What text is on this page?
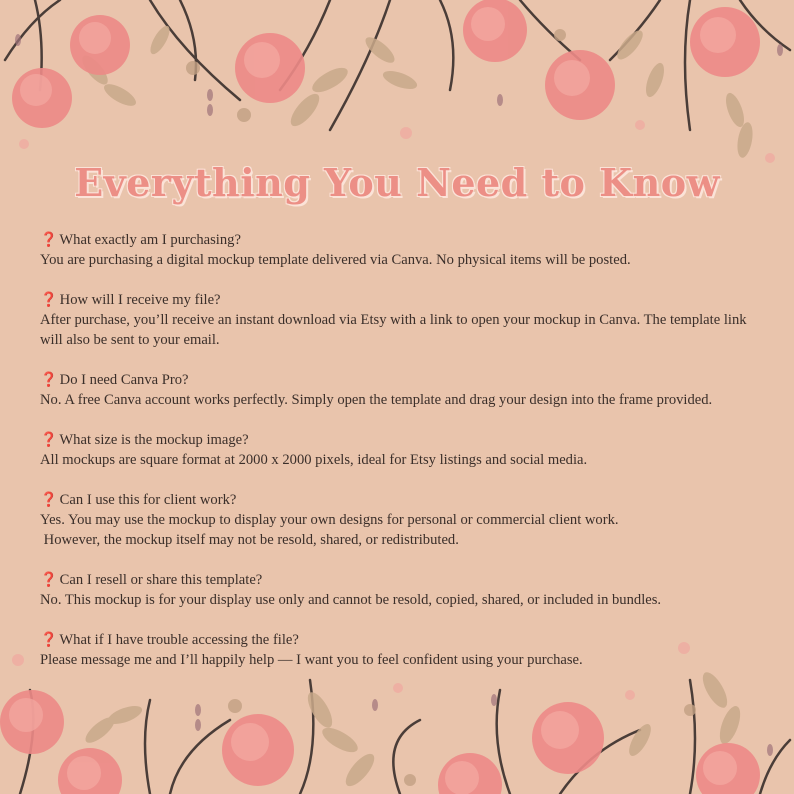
Everything You Need to Know
❓ What exactly am I purchasing?
You are purchasing a digital mockup template delivered via Canva. No physical items will be posted.
❓ How will I receive my file?
After purchase, you’ll receive an instant download via Etsy with a link to open your mockup in Canva. The template link will also be sent to your email.
❓ Do I need Canva Pro?
No. A free Canva account works perfectly. Simply open the template and drag your design into the frame provided.
❓ What size is the mockup image?
All mockups are square format at 2000 x 2000 pixels, ideal for Etsy listings and social media.
❓ Can I use this for client work?
Yes. You may use the mockup to display your own designs for personal or commercial client work.
However, the mockup itself may not be resold, shared, or redistributed.
❓ Can I resell or share this template?
No. This mockup is for your display use only and cannot be resold, copied, shared, or included in bundles.
❓ What if I have trouble accessing the file?
Please message me and I’ll happily help — I want you to feel confident using your purchase.
